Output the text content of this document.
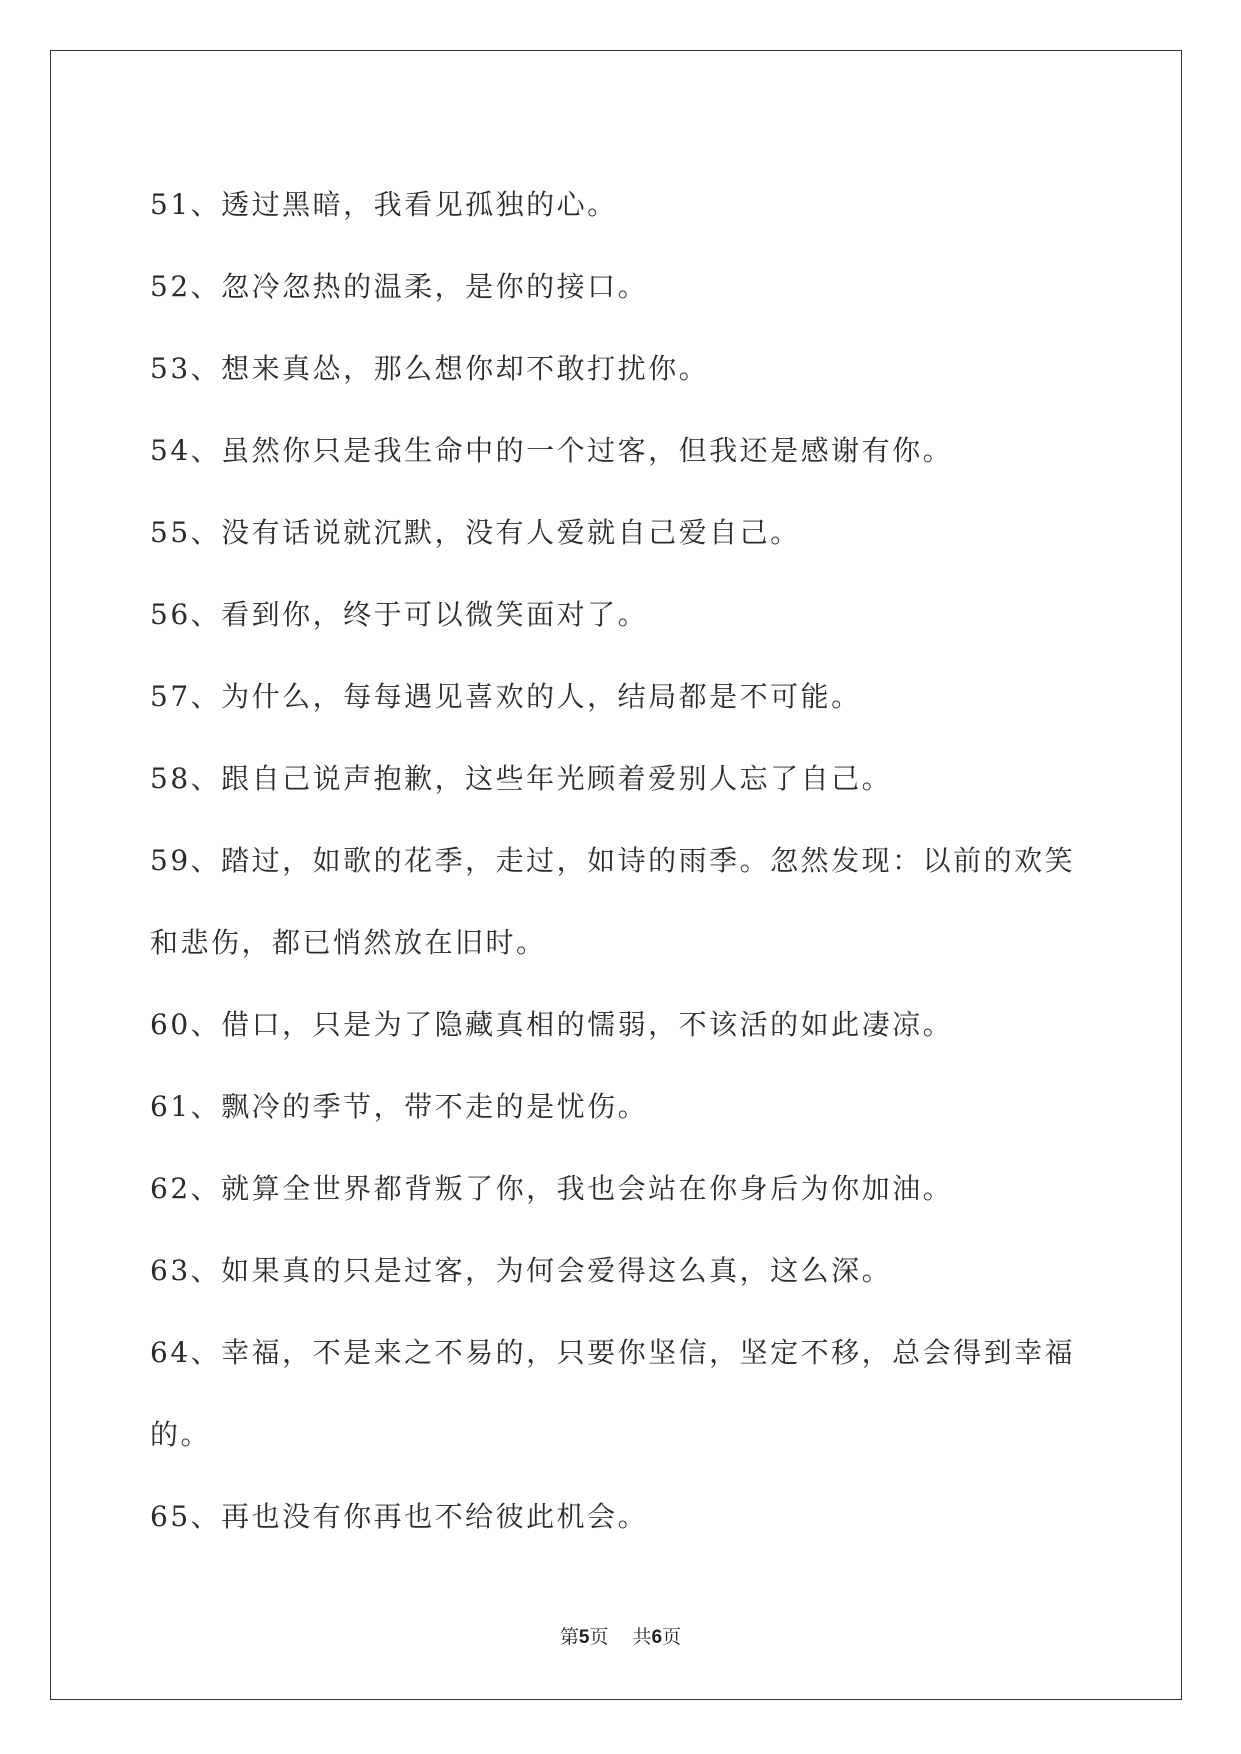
51、透过黑暗，我看见孤独的心。
52、忽冷忽热的温柔，是你的接口。
53、想来真怂，那么想你却不敢打扰你。
54、虽然你只是我生命中的一个过客，但我还是感谢有你。
55、没有话说就沉默，没有人爱就自己爱自己。
56、看到你，终于可以微笑面对了。
57、为什么，每每遇见喜欢的人，结局都是不可能。
58、跟自己说声抱歉，这些年光顾着爱别人忘了自己。
59、踏过，如歌的花季，走过，如诗的雨季。忽然发现：以前的欢笑
和悲伤，都已悄然放在旧时。
60、借口，只是为了隐藏真相的懦弱，不该活的如此凄凉。
61、飘冷的季节，带不走的是忧伤。
62、就算全世界都背叛了你，我也会站在你身后为你加油。
63、如果真的只是过客，为何会爱得这么真，这么深。
64、幸福，不是来之不易的，只要你坚信，坚定不移，总会得到幸福
的。
65、再也没有你再也不给彼此机会。
第5页 共6页
